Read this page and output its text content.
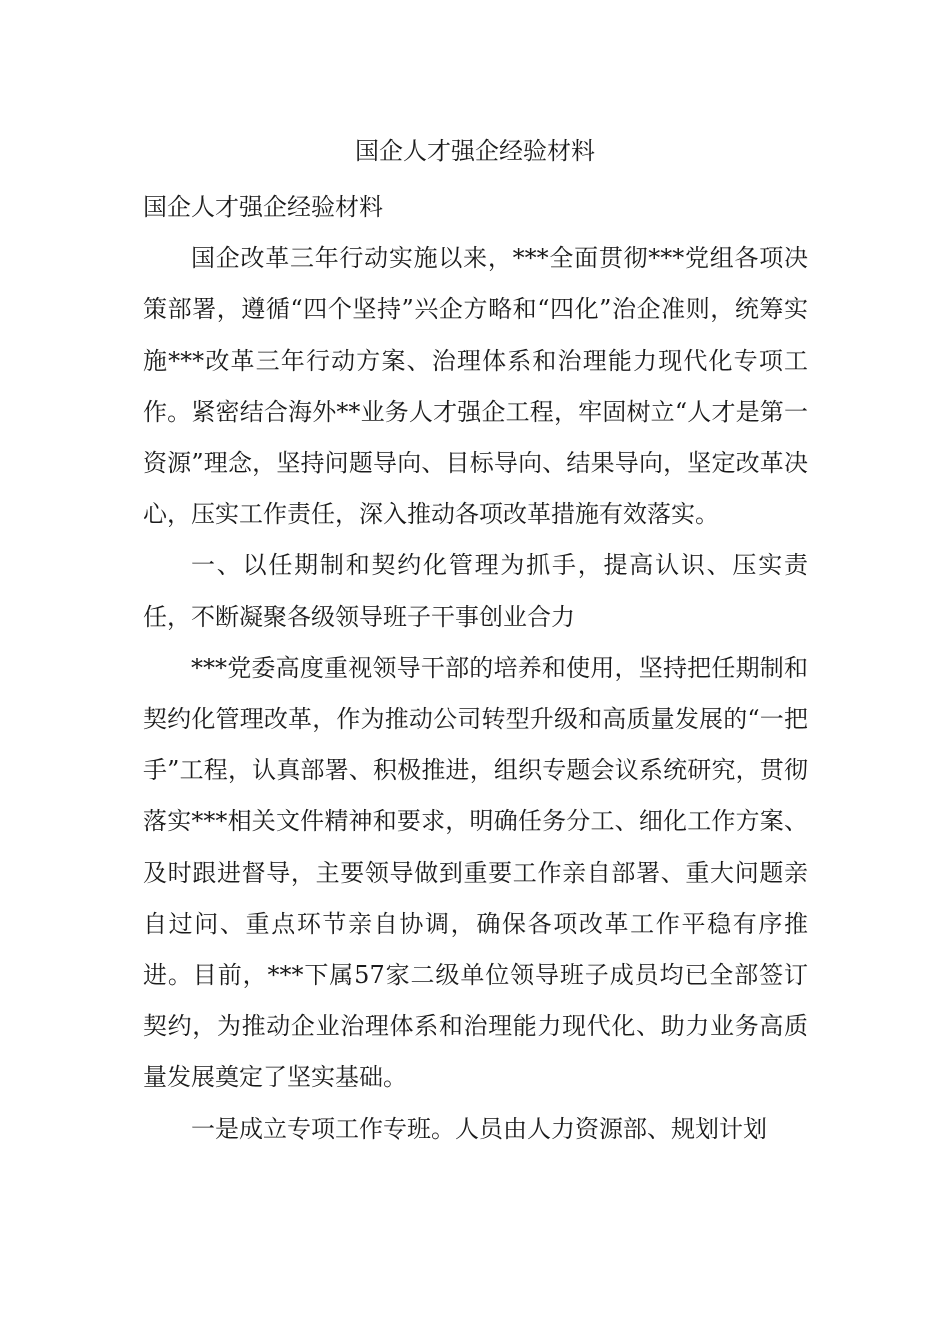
国企人才强企经验材料

国企人才强企经验材料

国企改革三年行动实施以来，***全面贯彻***党组各项决策部署，遵循“四个坚持”兴企方略和“四化”治企准则，统筹实施***改革三年行动方案、治理体系和治理能力现代化专项工作。紧密结合海外**业务人才强企工程，牢固树立“人才是第一资源”理念，坚持问题导向、目标导向、结果导向，坚定改革决心，压实工作责任，深入推动各项改革措施有效落实。

一、以任期制和契约化管理为抓手，提高认识、压实责任，不断凝聚各级领导班子干事创业合力

***党委高度重视领导干部的培养和使用，坚持把任期制和契约化管理改革，作为推动公司转型升级和高质量发展的“一把手”工程，认真部署、积极推进，组织专题会议系统研究，贯彻落实***相关文件精神和要求，明确任务分工、细化工作方案、及时跟进督导，主要领导做到重要工作亲自部署、重大问题亲自过问、重点环节亲自协调，确保各项改革工作平稳有序推进。目前，***下属57家二级单位领导班子成员均已全部签订契约，为推动企业治理体系和治理能力现代化、助力业务高质量发展奠定了坚实基础。

一是成立专项工作专班。人员由人力资源部、规划计划
